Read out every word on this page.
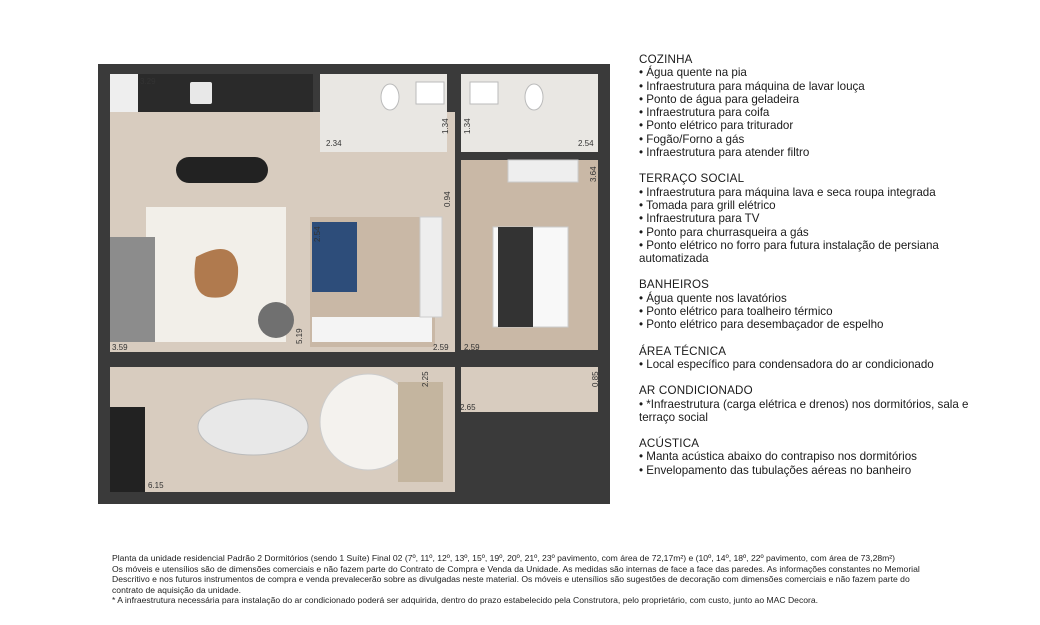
3.29
2.34
1.34 1.34
2.54
3.64
0.94
2.54
3.59
5.19
2.59 2.59
2.25	0.85
2.65
6.15
COZINHA
• Água quente na pia
• Infraestrutura para máquina de lavar louça
• Ponto de água para geladeira
• Infraestrutura para coifa
• Ponto elétrico para triturador
• Fogão/Forno a gás
• Infraestrutura para atender filtro
TERRAÇO SOCIAL
• Infraestrutura para máquina lava e seca roupa integrada
• Tomada para grill elétrico
• Infraestrutura para TV
• Ponto para churrasqueira a gás
• Ponto elétrico no forro para futura instalação de persiana automatizada
BANHEIROS
• Água quente nos lavatórios
• Ponto elétrico para toalheiro térmico
• Ponto elétrico para desembaçador de espelho
ÁREA TÉCNICA
• Local específico para condensadora do ar condicionado
AR CONDICIONADO
• *Infraestrutura (carga elétrica e drenos) nos dormitórios, sala e terraço social
ACÚSTICA
• Manta acústica abaixo do contrapiso nos dormitórios
• Envelopamento das tubulações aéreas no banheiro
Planta da unidade residencial Padrão 2 Dormitórios (sendo 1 Suíte) Final 02 (7º, 11º, 12º, 13º, 15º, 19º, 20º, 21º, 23º pavimento, com área de 72,17m²) e (10º, 14º, 18º, 22º pavimento, com área de 73,28m²)
Os móveis e utensílios são de dimensões comerciais e não fazem parte do Contrato de Compra e Venda da Unidade. As medidas são internas de face a face das paredes. As informações constantes no Memorial Descritivo e nos futuros instrumentos de compra e venda prevalecerão sobre as divulgadas neste material. Os móveis e utensílios são sugestões de decoração com dimensões comerciais e não fazem parte do contrato de aquisição da unidade.
* A infraestrutura necessária para instalação do ar condicionado poderá ser adquirida, dentro do prazo estabelecido pela Construtora, pelo proprietário, com custo, junto ao MAC Decora.
